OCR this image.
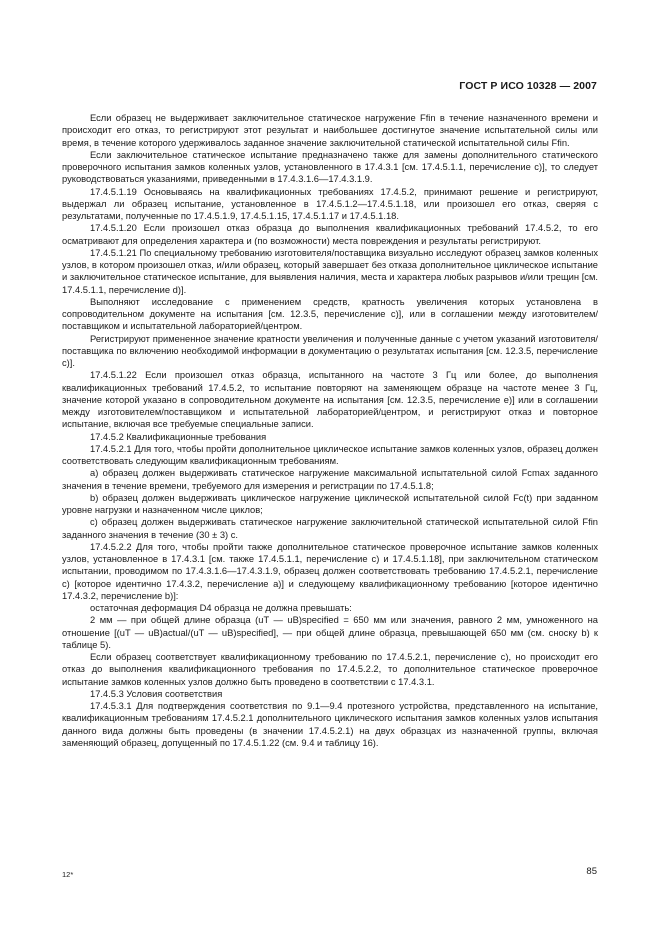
ГОСТ Р ИСО 10328 — 2007

Если образец не выдерживает заключительное статическое нагружение Ffin в течение назначенного времени и происходит его отказ, то регистрируют этот результат и наибольшее достигнутое значение испытательной силы или время, в течение которого удерживалось заданное значение заключительной статической испытательной силы Ffin.

Если заключительное статическое испытание предназначено также для замены дополнительного статического проверочного испытания замков коленных узлов, установленного в 17.4.3.1 [см. 17.4.5.1.1, перечисление c)], то следует руководствоваться указаниями, приведенными в 17.4.3.1.6—17.4.3.1.9.

17.4.5.1.19 Основываясь на квалификационных требованиях 17.4.5.2, принимают решение и регистрируют, выдержал ли образец испытание, установленное в 17.4.5.1.2—17.4.5.1.18, или произошел его отказ, сверяя с результатами, полученные по 17.4.5.1.9, 17.4.5.1.15, 17.4.5.1.17 и 17.4.5.1.18.

17.4.5.1.20 Если произошел отказ образца до выполнения квалификационных требований 17.4.5.2, то его осматривают для определения характера и (по возможности) места повреждения и результаты регистрируют.

17.4.5.1.21 По специальному требованию изготовителя/поставщика визуально исследуют образец замков коленных узлов, в котором произошел отказ, и/или образец, который завершает без отказа дополнительное циклическое испытание и заключительное статическое испытание, для выявления наличия, места и характера любых разрывов и/или трещин [см. 17.4.5.1.1, перечисление d)].

Выполняют исследование с применением средств, кратность увеличения которых установлена в сопроводительном документе на испытания [см. 12.3.5, перечисление c)], или в соглашении между изготовителем/поставщиком и испытательной лабораторией/центром.

Регистрируют примененное значение кратности увеличения и полученные данные с учетом указаний изготовителя/поставщика по включению необходимой информации в документацию о результатах испытания [см. 12.3.5, перечисление c)].

17.4.5.1.22 Если произошел отказ образца, испытанного на частоте 3 Гц или более, до выполнения квалификационных требований 17.4.5.2, то испытание повторяют на заменяющем образце на частоте менее 3 Гц, значение которой указано в сопроводительном документе на испытания [см. 12.3.5, перечисление e)] или в соглашении между изготовителем/поставщиком и испытательной лабораторией/центром, и регистрируют отказ и повторное испытание, включая все требуемые специальные записи.

17.4.5.2 Квалификационные требования

17.4.5.2.1 Для того, чтобы пройти дополнительное циклическое испытание замков коленных узлов, образец должен соответствовать следующим квалификационным требованиям.

a) образец должен выдерживать статическое нагружение максимальной испытательной силой Fcmax заданного значения в течение времени, требуемого для измерения и регистрации по 17.4.5.1.8;

b) образец должен выдерживать циклическое нагружение циклической испытательной силой Fc(t) при заданном уровне нагрузки и назначенном числе циклов;

c) образец должен выдерживать статическое нагружение заключительной статической испытательной силой Ffin заданного значения в течение (30 ± 3) с.

17.4.5.2.2 Для того, чтобы пройти также дополнительное статическое проверочное испытание замков коленных узлов, установленное в 17.4.3.1 [см. также 17.4.5.1.1, перечисление c) и 17.4.5.1.18], при заключительном статическом испытании, проводимом по 17.4.3.1.6—17.4.3.1.9, образец должен соответствовать требованию 17.4.5.2.1, перечисление c) [которое идентично 17.4.3.2, перечисление a)] и следующему квалификационному требованию [которое идентично 17.4.3.2, перечисление b)]:

остаточная деформация D4 образца не должна превышать:

2 мм — при общей длине образца (uT — uB)specified = 650 мм или значения, равного 2 мм, умноженного на отношение [(uT — uB)actual/(uT — uB)specified], — при общей длине образца, превышающей 650 мм (см. сноску b) к таблице 5).

Если образец соответствует квалификационному требованию по 17.4.5.2.1, перечисление c), но происходит его отказ до выполнения квалификационного требования по 17.4.5.2.2, то дополнительное статическое проверочное испытание замков коленных узлов должно быть проведено в соответствии с 17.4.3.1.

17.4.5.3 Условия соответствия

17.4.5.3.1 Для подтверждения соответствия по 9.1—9.4 протезного устройства, представленного на испытание, квалификационным требованиям 17.4.5.2.1 дополнительного циклического испытания замков коленных узлов испытания данного вида должны быть проведены (в значении 17.4.5.2.1) на двух образцах из назначенной группы, включая заменяющий образец, допущенный по 17.4.5.1.22 (см. 9.4 и таблицу 16).

12*	85
